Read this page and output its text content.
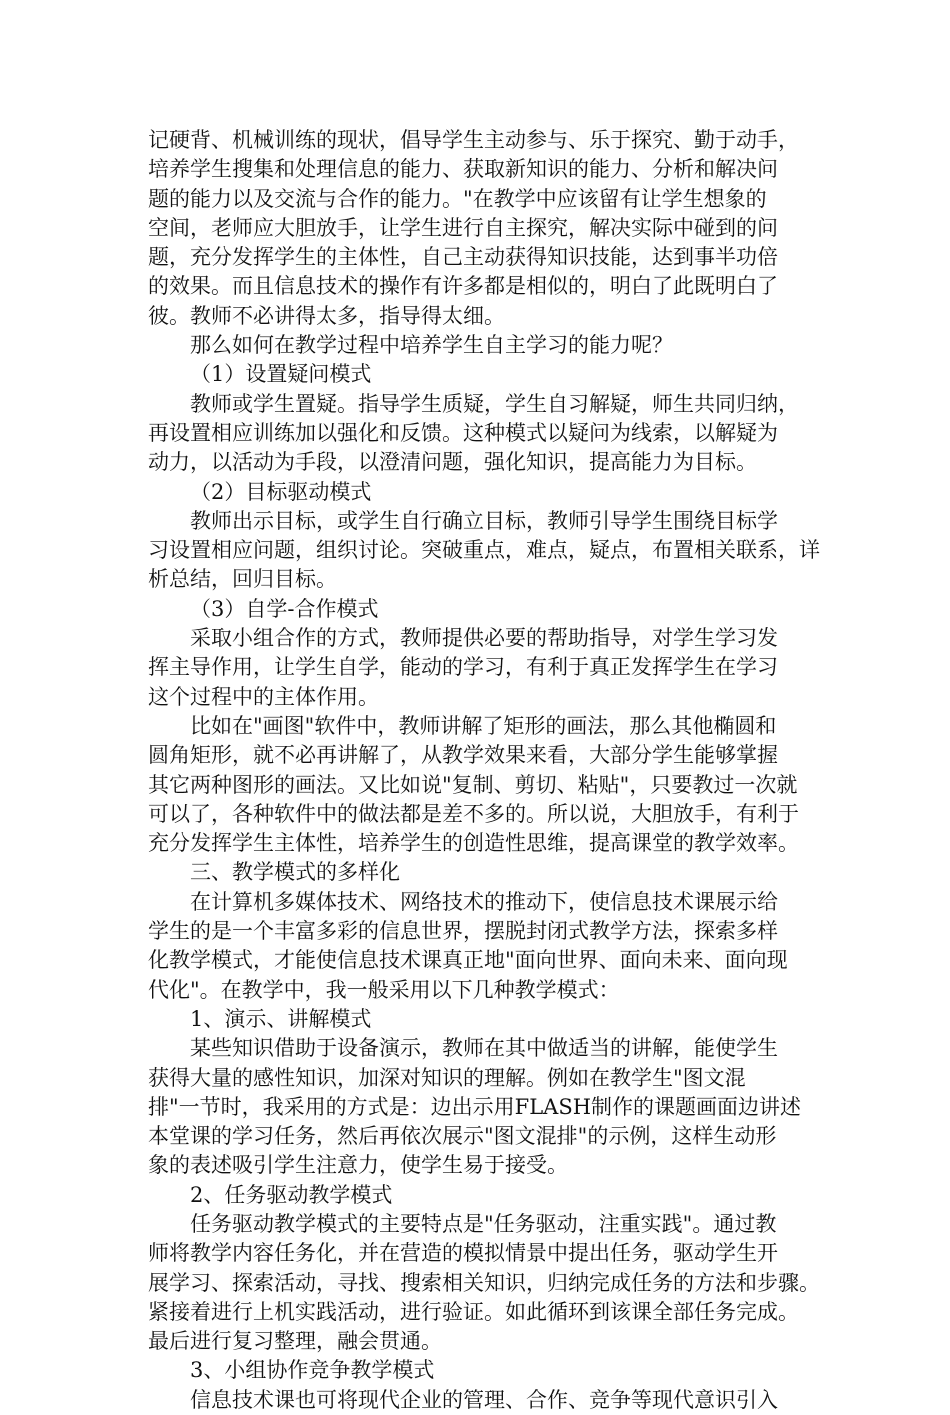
记硬背、机械训练的现状，倡导学生主动参与、乐于探究、勤于动手，
培养学生搜集和处理信息的能力、获取新知识的能力、分析和解决问
题的能力以及交流与合作的能力。"在教学中应该留有让学生想象的
空间，老师应大胆放手，让学生进行自主探究，解决实际中碰到的问
题，充分发挥学生的主体性，自己主动获得知识技能，达到事半功倍
的效果。而且信息技术的操作有许多都是相似的，明白了此既明白了
彼。教师不必讲得太多，指导得太细。
那么如何在教学过程中培养学生自主学习的能力呢？
（1）设置疑问模式
教师或学生置疑。指导学生质疑，学生自习解疑，师生共同归纳，
再设置相应训练加以强化和反馈。这种模式以疑问为线索，以解疑为
动力，以活动为手段，以澄清问题，强化知识，提高能力为目标。
（2）目标驱动模式
教师出示目标，或学生自行确立目标，教师引导学生围绕目标学
习设置相应问题，组织讨论。突破重点，难点，疑点，布置相关联系，详
析总结，回归目标。
（3）自学-合作模式
采取小组合作的方式，教师提供必要的帮助指导，对学生学习发
挥主导作用，让学生自学，能动的学习，有利于真正发挥学生在学习
这个过程中的主体作用。
比如在"画图"软件中，教师讲解了矩形的画法，那么其他椭圆和
圆角矩形，就不必再讲解了，从教学效果来看，大部分学生能够掌握
其它两种图形的画法。又比如说"复制、剪切、粘贴"，只要教过一次就
可以了，各种软件中的做法都是差不多的。所以说，大胆放手，有利于
充分发挥学生主体性，培养学生的创造性思维，提高课堂的教学效率。
三、教学模式的多样化
在计算机多媒体技术、网络技术的推动下，使信息技术课展示给
学生的是一个丰富多彩的信息世界，摆脱封闭式教学方法，探索多样
化教学模式，才能使信息技术课真正地"面向世界、面向未来、面向现
代化"。在教学中，我一般采用以下几种教学模式：
1、演示、讲解模式
某些知识借助于设备演示，教师在其中做适当的讲解，能使学生
获得大量的感性知识，加深对知识的理解。例如在教学生"图文混
排"一节时，我采用的方式是：边出示用FLASH制作的课题画面边讲述
本堂课的学习任务，然后再依次展示"图文混排"的示例，这样生动形
象的表述吸引学生注意力，使学生易于接受。
2、任务驱动教学模式
任务驱动教学模式的主要特点是"任务驱动，注重实践"。通过教
师将教学内容任务化，并在营造的模拟情景中提出任务，驱动学生开
展学习、探索活动，寻找、搜索相关知识，归纳完成任务的方法和步骤。
紧接着进行上机实践活动，进行验证。如此循环到该课全部任务完成。
最后进行复习整理，融会贯通。
3、小组协作竞争教学模式
信息技术课也可将现代企业的管理、合作、竞争等现代意识引入
